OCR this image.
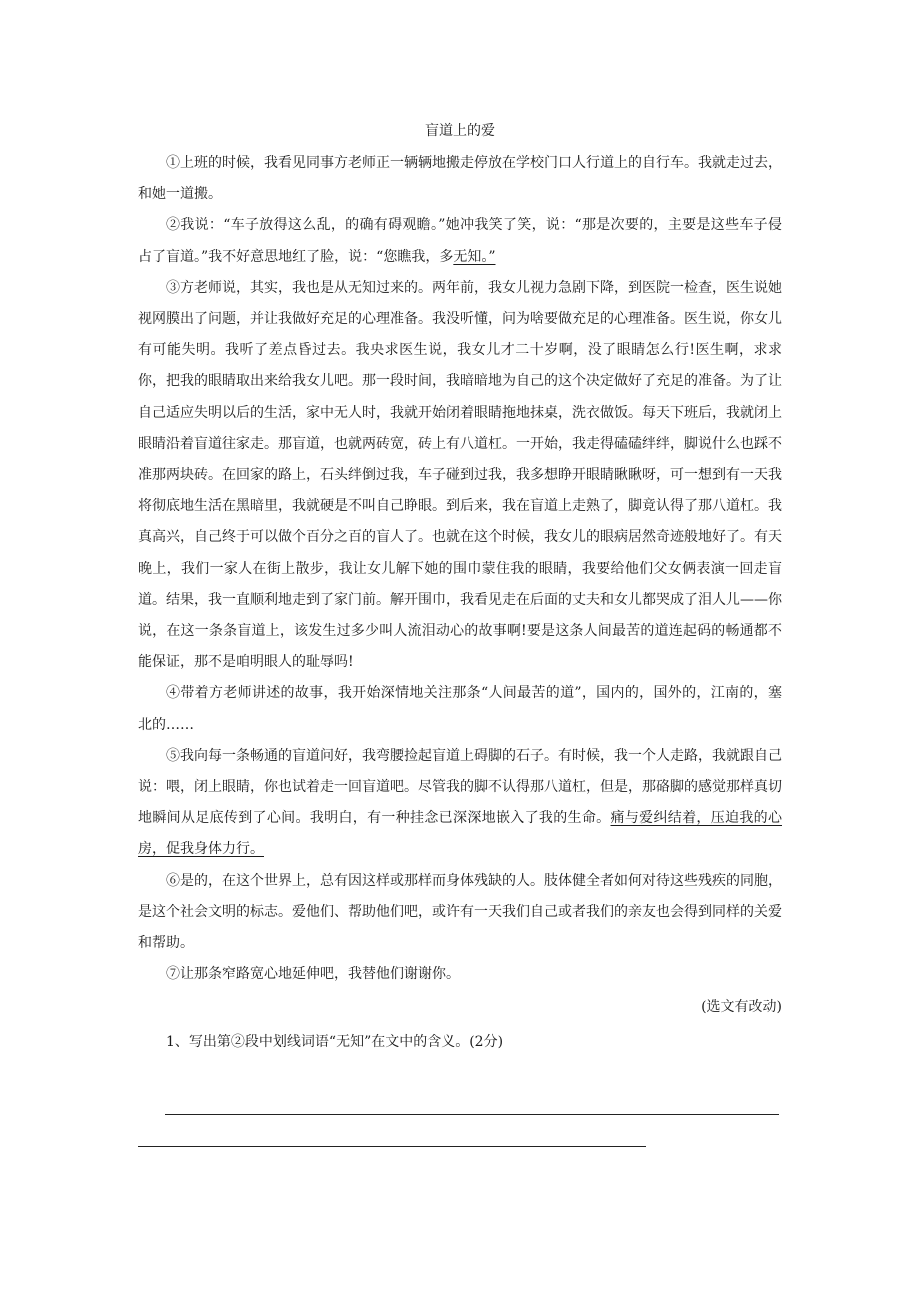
盲道上的爱

①上班的时候，我看见同事方老师正一辆辆地搬走停放在学校门口人行道上的自行车。我就走过去，和她一道搬。

②我说：“车子放得这么乱，的确有碍观瞻。”她冲我笑了笑，说：“那是次要的，主要是这些车子侵占了盲道。”我不好意思地红了脸，说：“您瞧我，多无知。”

③方老师说，其实，我也是从无知过来的。两年前，我女儿视力急剧下降，到医院一检查，医生说她视网膜出了问题，并让我做好充足的心理准备。我没听懂，问为啥要做充足的心理准备。医生说，你女儿有可能失明。我听了差点昏过去。我央求医生说，我女儿才二十岁啊，没了眼睛怎么行!医生啊，求求你，把我的眼睛取出来给我女儿吧。那一段时间，我暗暗地为自己的这个决定做好了充足的准备。为了让自己适应失明以后的生活，家中无人时，我就开始闭着眼睛拖地抹桌，洗衣做饭。每天下班后，我就闭上眼睛沿着盲道往家走。那盲道，也就两砖宽，砖上有八道杠。一开始，我走得磕磕绊绊，脚说什么也踩不准那两块砖。在回家的路上，石头绊倒过我，车子碰到过我，我多想睁开眼睛瞅瞅呀，可一想到有一天我将彻底地生活在黑暗里，我就硬是不叫自己睁眼。到后来，我在盲道上走熟了，脚竟认得了那八道杠。我真高兴，自己终于可以做个百分之百的盲人了。也就在这个时候，我女儿的眼病居然奇迹般地好了。有天晚上，我们一家人在街上散步，我让女儿解下她的围巾蒙住我的眼睛，我要给他们父女俩表演一回走盲道。结果，我一直顺利地走到了家门前。解开围巾，我看见走在后面的丈夫和女儿都哭成了泪人儿——你说，在这一条条盲道上，该发生过多少叫人流泪动心的故事啊!要是这条人间最苦的道连起码的畅通都不能保证，那不是咱明眼人的耻辱吗!

④带着方老师讲述的故事，我开始深情地关注那条“人间最苦的道”，国内的，国外的，江南的，塞北的……

⑤我向每一条畅通的盲道问好，我弯腰捡起盲道上碍脚的石子。有时候，我一个人走路，我就跟自己说：喂，闭上眼睛，你也试着走一回盲道吧。尽管我的脚不认得那八道杠，但是，那硌脚的感觉那样真切地瞬间从足底传到了心间。我明白，有一种挂念已深深地嵌入了我的生命。痛与爱纠结着，压迫我的心房，促我身体力行。

⑥是的，在这个世界上，总有因这样或那样而身体残缺的人。肢体健全者如何对待这些残疾的同胞，是这个社会文明的标志。爱他们、帮助他们吧，或许有一天我们自己或者我们的亲友也会得到同样的关爱和帮助。

⑦让那条窄路宽心地延伸吧，我替他们谢谢你。

(选文有改动)

1、写出第②段中划线词语“无知”在文中的含义。(2分)
